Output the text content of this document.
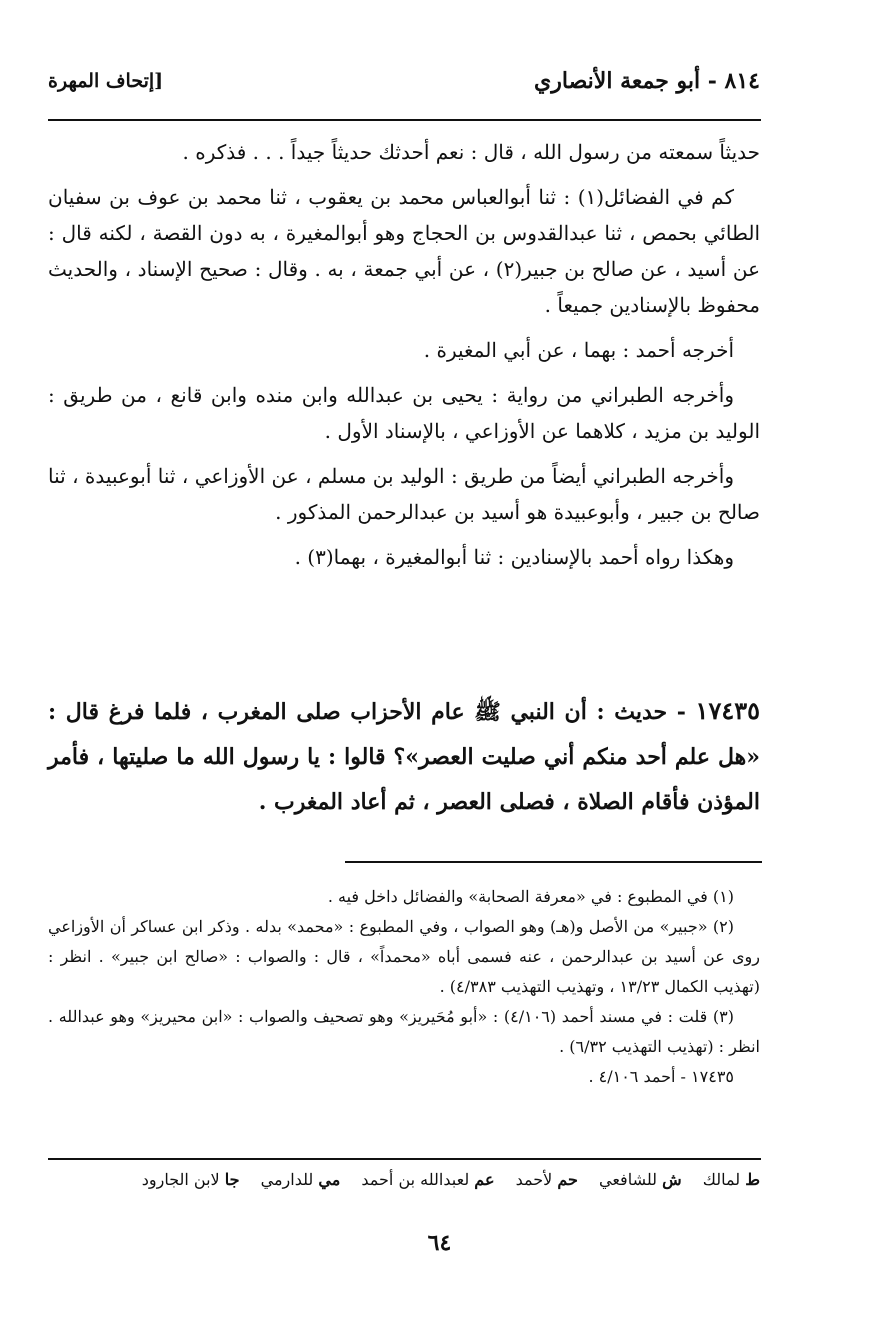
٨١٤ - أبو جمعة الأنصاري
[إتحاف المهرة

حديثاً سمعته من رسول الله ، قال : نعم أحدثك حديثاً جيداً . . . فذكره .

كم في الفضائل(١) : ثنا أبوالعباس محمد بن يعقوب ، ثنا محمد بن عوف بن سفيان الطائي بحمص ، ثنا عبدالقدوس بن الحجاج وهو أبوالمغيرة ، به دون القصة ، لكنه قال : عن أسيد ، عن صالح بن جبير(٢) ، عن أبي جمعة ، به . وقال : صحيح الإسناد ، والحديث محفوظ بالإسنادين جميعاً .

أخرجه أحمد : بهما ، عن أبي المغيرة .

وأخرجه الطبراني من رواية : يحيى بن عبدالله وابن منده وابن قانع ، من طريق : الوليد بن مزيد ، كلاهما عن الأوزاعي ، بالإسناد الأول .

وأخرجه الطبراني أيضاً من طريق : الوليد بن مسلم ، عن الأوزاعي ، ثنا أبوعبيدة ، ثنا صالح بن جبير ، وأبوعبيدة هو أسيد بن عبدالرحمن المذكور .

وهكذا رواه أحمد بالإسنادين : ثنا أبوالمغيرة ، بهما(٣) .

١٧٤٣٥ - حديث : أن النبي ﷺ عام الأحزاب صلى المغرب ، فلما فرغ قال : «هل علم أحد منكم أني صليت العصر»؟ قالوا : يا رسول الله ما صليتها ، فأمر المؤذن فأقام الصلاة ، فصلى العصر ، ثم أعاد المغرب .

(١) في المطبوع : في «معرفة الصحابة» والفضائل داخل فيه .

(٢) «جبير» من الأصل و(هـ) وهو الصواب ، وفي المطبوع : «محمد» بدله . وذكر ابن عساكر أن الأوزاعي روى عن أسيد بن عبدالرحمن ، عنه فسمى أباه «محمداً» ، قال : والصواب : «صالح ابن جبير» . انظر : (تهذيب الكمال ١٣/٢٣ ، وتهذيب التهذيب ٤/٣٨٣) .

(٣) قلت : في مسند أحمد (٤/١٠٦) : «أبو مُحَيريز» وهو تصحيف والصواب : «ابن محيريز» وهو عبدالله . انظر : (تهذيب التهذيب ٦/٣٢) .

١٧٤٣٥ - أحمد ٤/١٠٦ .

ط لمالك ش للشافعي حم لأحمد عم لعبدالله بن أحمد مي للدارمي جا لابن الجارود
٦٤
